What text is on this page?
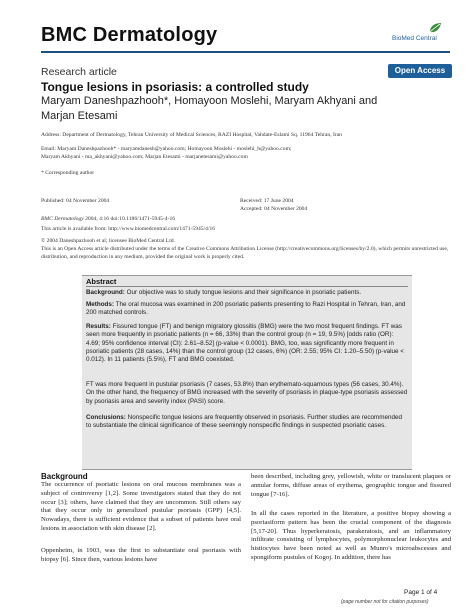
BMC Dermatology	BioMed Central
Research article	Open Access
Tongue lesions in psoriasis: a controlled study
Maryam Daneshpazhooh*, Homayoon Moslehi, Maryam Akhyani and
Marjan Etesami
Address: Department of Dermatology, Tehran University of Medical Sciences, RAZI Hospital, Vahdate-Eslami Sq. 11964 Tehran, Iran
Email: Maryam Daneshpazhooh* - maryamdanesh@yahoo.com; Homayoon Moslehi - moslehi_h@yahoo.com;
Maryam Akhyani - ma_akhyani@yahoo.com; Marjan Etesami - marjanetesami@yahoo.com
* Corresponding author
Published: 04 November 2004	Received: 17 June 2004
Accepted: 04 November 2004
BMC Dermatology 2004, 4:16 doi:10.1186/1471-5945-4-16
This article is available from: http://www.biomedcentral.com/1471-5945/4/16
© 2004 Daneshpazhooh et al; licensee BioMed Central Ltd.
This is an Open Access article distributed under the terms of the Creative Commons Attribution License (http://creativecommons.org/licenses/by/2.0), which permits unrestricted use, distribution, and reproduction in any medium, provided the original work is properly cited.
Abstract
Background: Our objective was to study tongue lesions and their significance in psoriatic patients.
Methods: The oral mucosa was examined in 200 psoriatic patients presenting to Razi Hospital in Tehran, Iran, and 200 matched controls.
Results: Fissured tongue (FT) and benign migratory glossitis (BMG) were the two most frequent findings. FT was seen more frequently in psoriatic patients (n = 66, 33%) than the control group (n = 19, 9.5%) [odds ratio (OR): 4.69; 95% confidence interval (CI): 2.61–8.52] (p-value < 0.0001). BMG, too, was significantly more frequent in psoriatic patients (28 cases, 14%) than the control group (12 cases, 6%) (OR: 2.55; 95% CI: 1.20–5.50) (p-value < 0.012). In 11 patients (5.5%), FT and BMG coexisted.
FT was more frequent in pustular psoriasis (7 cases, 53.8%) than erythemato-squamous types (56 cases, 30.4%). On the other hand, the frequency of BMG increased with the severity of psoriasis in plaque-type psoriasis assessed by psoriasis area and severity index (PASI) score.
Conclusions: Nonspecific tongue lesions are frequently observed in psoriasis. Further studies are recommended to substantiate the clinical significance of these seemingly nonspecific findings in suspected psoriatic cases.
Background
The occurrence of psoriatic lesions on oral mucous membranes was a subject of controversy [1,2]. Some investigators stated that they do not occur [3]; others, have claimed that they are uncommon. Still others say that they occur only in generalized pustular psoriasis (GPP) [4,5]. Nowadays, there is sufficient evidence that a subset of patients have oral lesions in association with skin disease [2].
Oppenheim, in 1903, was the first to substantiate oral psoriasis with biopsy [6]. Since then, various lesions have
been described, including grey, yellowish, white or translucent plaques or annular forms, diffuse areas of erythema, geographic tongue and fissured tongue [7-16].
In all the cases reported in the literature, a positive biopsy showing a psoriasiform pattern has been the crucial component of the diagnosis [5,17-20]. Thus hyperkeratosis, parakeratosis, and an inflammatory infiltrate consisting of lymphocytes, polymorphonuclear leukocytes and histiocytes have been noted as well as Munro's microabscesses and spongiform pustules of Kogoj. In addition, there has
Page 1 of 4
(page number not for citation purposes)
